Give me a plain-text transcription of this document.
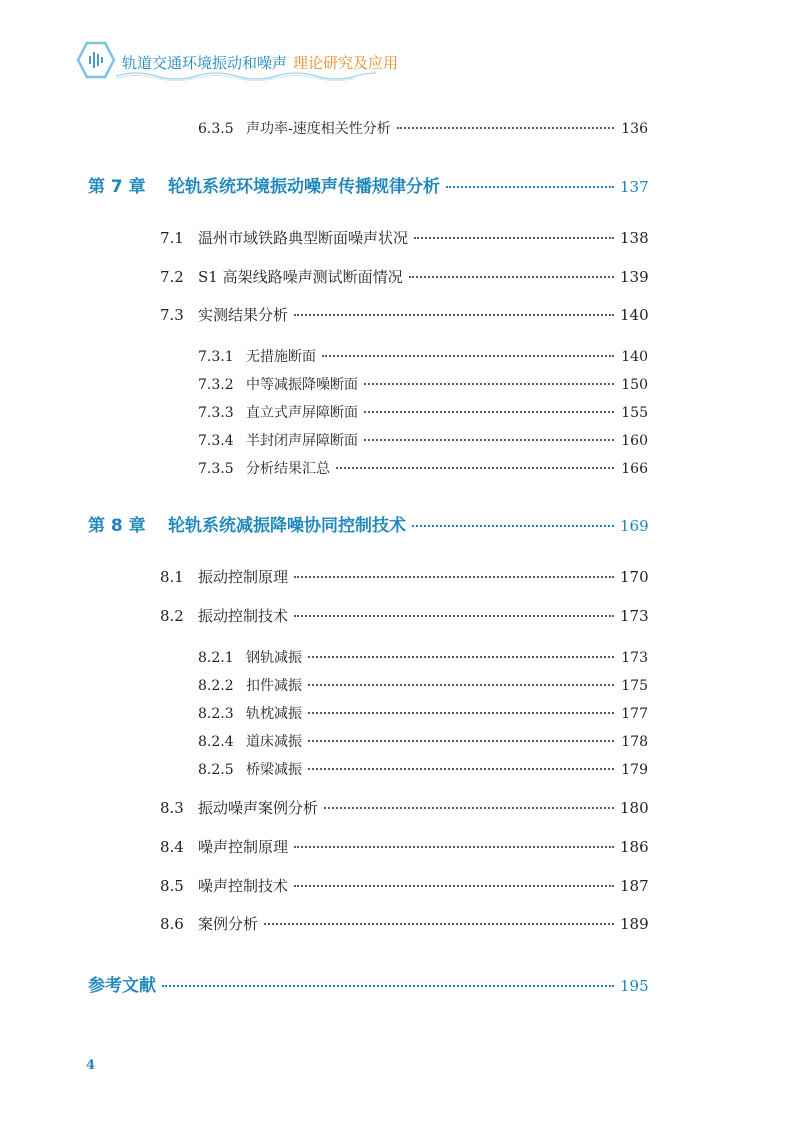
轨道交通环境振动和噪声 理论研究及应用
6.3.5 声功率-速度相关性分析	136
第 7 章	轮轨系统环境振动噪声传播规律分析	137
7.1 温州市域铁路典型断面噪声状况	138
7.2 S1 高架线路噪声测试断面情况	139
7.3 实测结果分析	140
7.3.1 无措施断面	140
7.3.2 中等减振降噪断面	150
7.3.3 直立式声屏障断面	155
7.3.4 半封闭声屏障断面	160
7.3.5 分析结果汇总	166
第 8 章	轮轨系统减振降噪协同控制技术	169
8.1 振动控制原理	170
8.2 振动控制技术	173
8.2.1 钢轨减振	173
8.2.2 扣件减振	175
8.2.3 轨枕减振	177
8.2.4 道床减振	178
8.2.5 桥梁减振	179
8.3 振动噪声案例分析	180
8.4 噪声控制原理	186
8.5 噪声控制技术	187
8.6 案例分析	189
参考文献	195
4
